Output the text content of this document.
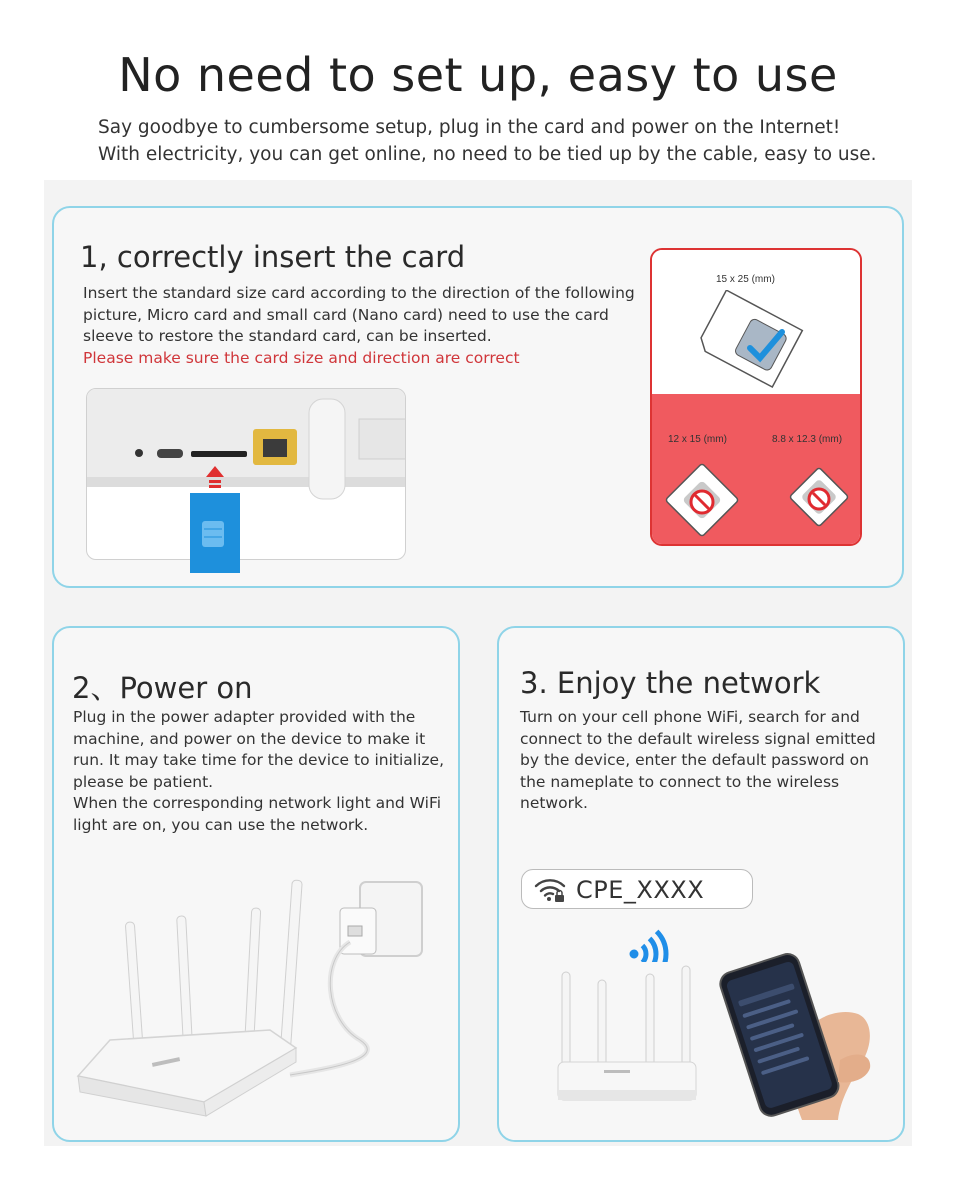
No need to set up, easy to use
Say goodbye to cumbersome setup, plug in the card and power on the Internet!
With electricity, you can get online, no need to be tied up by the cable, easy to use.
1, correctly insert the card
Insert the standard size card according to the direction of the following
picture, Micro card and small card (Nano card) need to use the card
sleeve to restore the standard card, can be inserted.
Please make sure the card size and direction are correct
15 x 25 (mm)
12 x 15 (mm)	8.8 x 12.3 (mm)
2、Power on
Plug in the power adapter provided with the
machine, and power on the device to make it
run. It may take time for the device to initialize,
please be patient.
When the corresponding network light and WiFi
light are on, you can use the network.
3. Enjoy the network
Turn on your cell phone WiFi, search for and
connect to the default wireless signal emitted
by the device, enter the default password on
the nameplate to connect to the wireless
network.
CPE_XXXX
